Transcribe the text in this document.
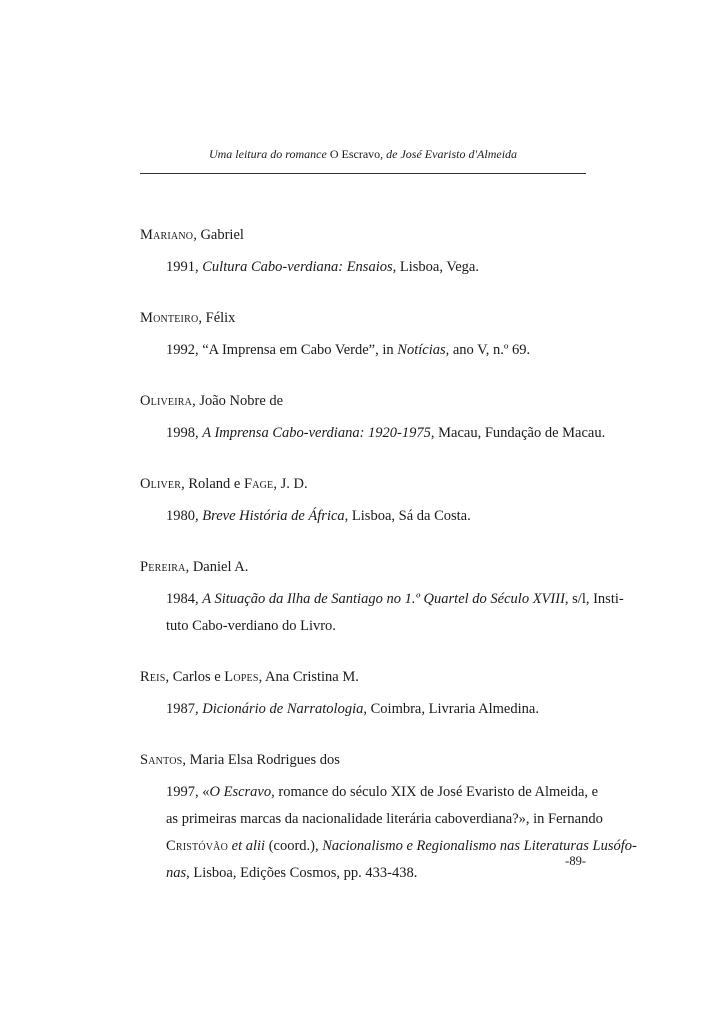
Uma leitura do romance O Escravo, de José Evaristo d'Almeida
Mariano, Gabriel
1991, Cultura Cabo-verdiana: Ensaios, Lisboa, Vega.
Monteiro, Félix
1992, “A Imprensa em Cabo Verde”, in Notícias, ano V, n.º 69.
Oliveira, João Nobre de
1998, A Imprensa Cabo-verdiana: 1920-1975, Macau, Fundação de Macau.
Oliver, Roland e Fage, J. D.
1980, Breve História de África, Lisboa, Sá da Costa.
Pereira, Daniel A.
1984, A Situação da Ilha de Santiago no 1.º Quartel do Século XVIII, s/l, Insti-
tuto Cabo-verdiano do Livro.
Reis, Carlos e Lopes, Ana Cristina M.
1987, Dicionário de Narratologia, Coimbra, Livraria Almedina.
Santos, Maria Elsa Rodrigues dos
1997, «O Escravo, romance do século XIX de José Evaristo de Almeida, e
as primeiras marcas da nacionalidade literária caboverdiana?», in Fernando
Cristóvão et alii (coord.), Nacionalismo e Regionalismo nas Literaturas Lusófo-
nas, Lisboa, Edições Cosmos, pp. 433-438.
-89-
